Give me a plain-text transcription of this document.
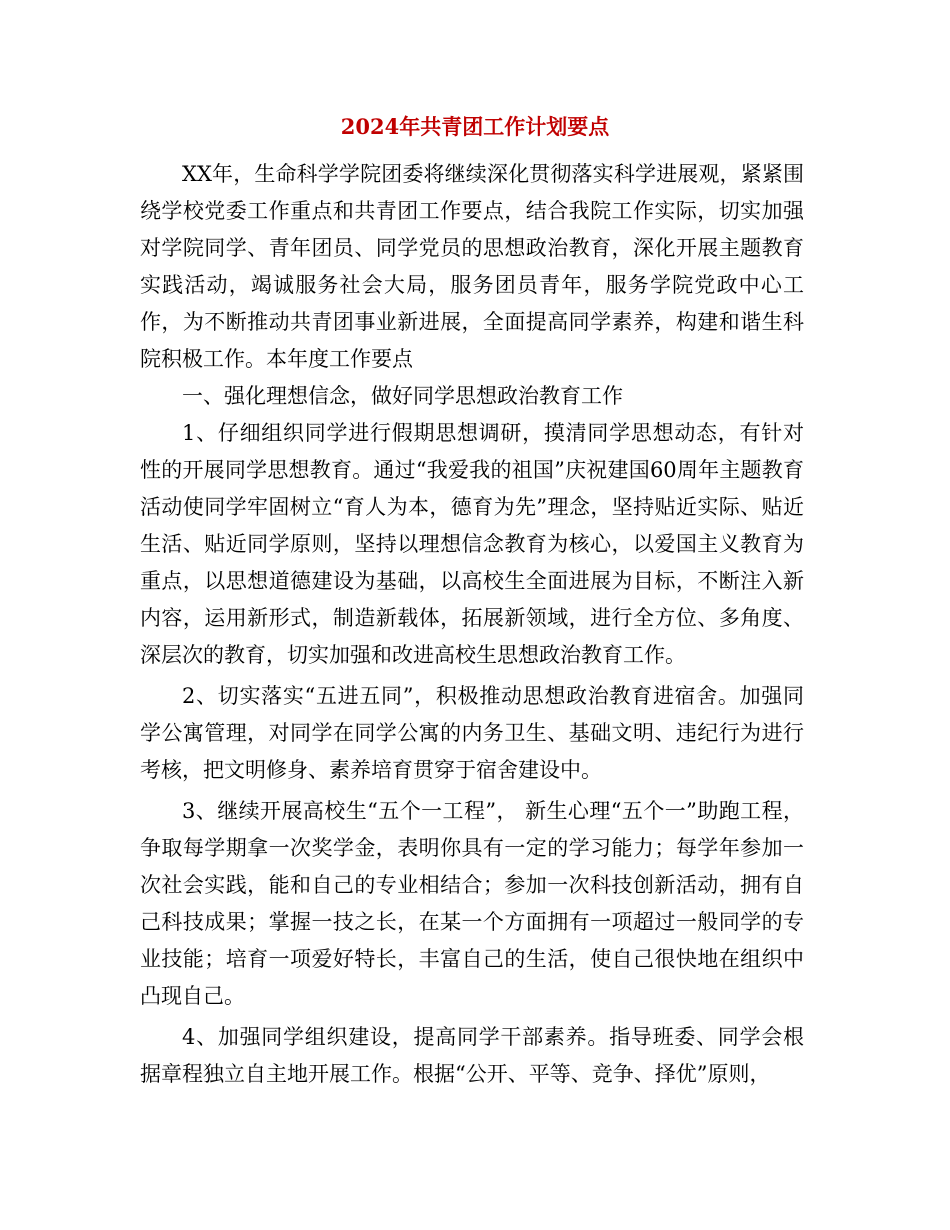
2024年共青团工作计划要点

XX年，生命科学学院团委将继续深化贯彻落实科学进展观，紧紧围绕学校党委工作重点和共青团工作要点，结合我院工作实际，切实加强对学院同学、青年团员、同学党员的思想政治教育，深化开展主题教育实践活动，竭诚服务社会大局，服务团员青年，服务学院党政中心工作，为不断推动共青团事业新进展，全面提高同学素养，构建和谐生科院积极工作。本年度工作要点

一、强化理想信念，做好同学思想政治教育工作

1、仔细组织同学进行假期思想调研，摸清同学思想动态，有针对性的开展同学思想教育。通过“我爱我的祖国”庆祝建国60周年主题教育活动使同学牢固树立“育人为本，德育为先”理念，坚持贴近实际、贴近生活、贴近同学原则，坚持以理想信念教育为核心，以爱国主义教育为重点，以思想道德建设为基础，以高校生全面进展为目标，不断注入新内容，运用新形式，制造新载体，拓展新领域，进行全方位、多角度、深层次的教育，切实加强和改进高校生思想政治教育工作。

2、切实落实“五进五同”，积极推动思想政治教育进宿舍。加强同学公寓管理，对同学在同学公寓的内务卫生、基础文明、违纪行为进行考核，把文明修身、素养培育贯穿于宿舍建设中。

3、继续开展高校生“五个一工程”， 新生心理“五个一”助跑工程，争取每学期拿一次奖学金，表明你具有一定的学习能力；每学年参加一次社会实践，能和自己的专业相结合；参加一次科技创新活动，拥有自己科技成果；掌握一技之长，在某一个方面拥有一项超过一般同学的专业技能；培育一项爱好特长，丰富自己的生活，使自己很快地在组织中凸现自己。

4、加强同学组织建设，提高同学干部素养。指导班委、同学会根据章程独立自主地开展工作。根据“公开、平等、竞争、择优”原则，
